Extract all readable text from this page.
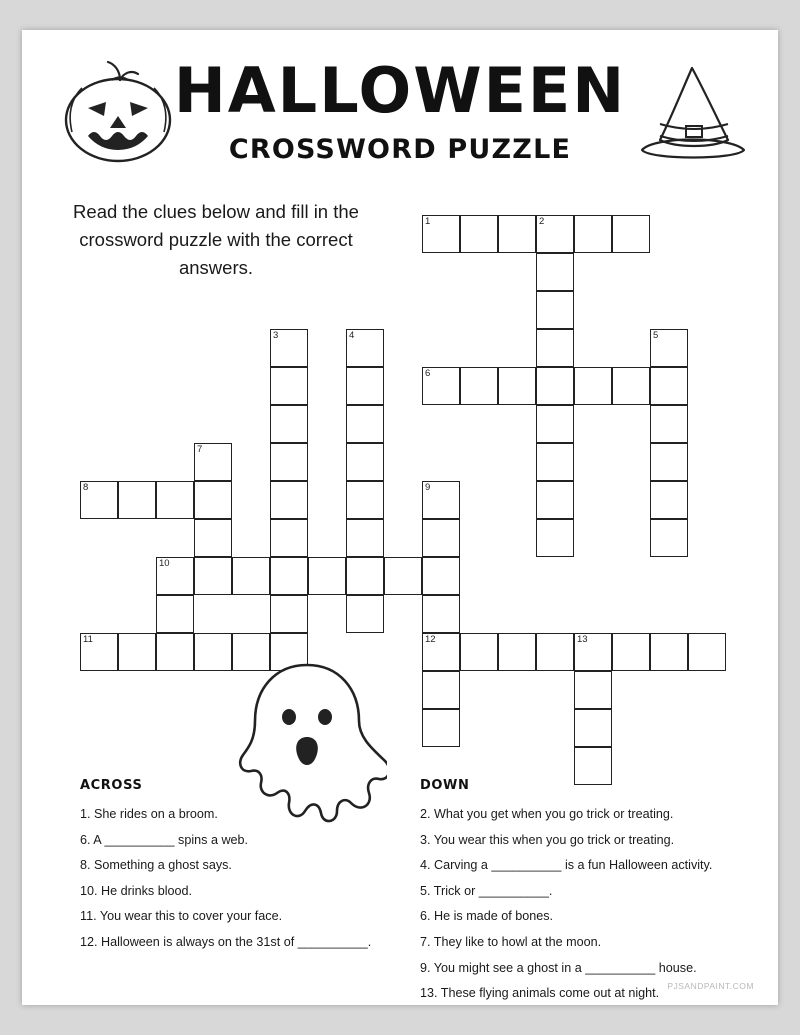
HALLOWEEN
CROSSWORD PUZZLE
Read the clues below and fill in the crossword puzzle with the correct answers.
1	2
3	4	5
6
7
8	9
10
11	12	13
ACROSS
1. She rides on a broom.
6. A __________ spins a web.
8. Something a ghost says.
10. He drinks blood.
11. You wear this to cover your face.
12. Halloween is always on the 31st of __________.
DOWN
2. What you get when you go trick or treating.
3. You wear this when you go trick or treating.
4. Carving a __________ is a fun Halloween activity.
5. Trick or __________.
6. He is made of bones.
7. They like to howl at the moon.
9. You might see a ghost in a __________ house.
13. These flying animals come out at night.
PJSANDPAINT.COM
